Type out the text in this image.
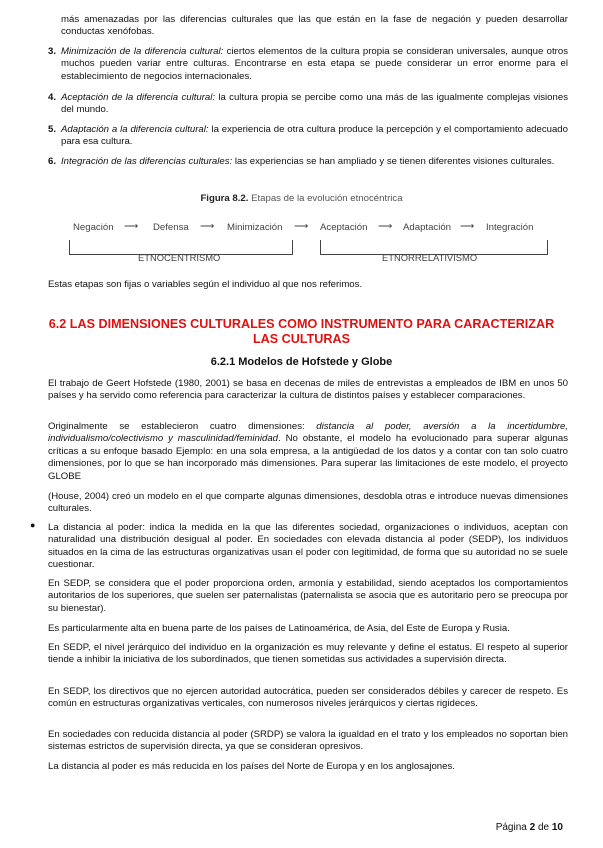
más amenazadas por las diferencias culturales que las que están en la fase de negación y pueden desarrollar conductas xenófobas.

3. Minimización de la diferencia cultural: ciertos elementos de la cultura propia se consideran universales, aunque otros muchos pueden variar entre culturas. Encontrarse en esta etapa se puede considerar un error enorme para el establecimiento de negocios internacionales.
4. Aceptación de la diferencia cultural: la cultura propia se percibe como una más de las igualmente complejas visiones del mundo.
5. Adaptación a la diferencia cultural: la experiencia de otra cultura produce la percepción y el comportamiento adecuado para esa cultura.
6. Integración de las diferencias culturales: las experiencias se han ampliado y se tienen diferentes visiones culturales.
Figura 8.2. Etapas de la evolución etnocéntrica
Negación ⟶ Defensa ⟶ Minimización ⟶ Aceptación ⟶ Adaptación ⟶ Integración
ETNOCENTRISMO	ETNORRELATIVISMO

Estas etapas son fijas o variables según el individuo al que nos referimos.

6.2 LAS DIMENSIONES CULTURALES COMO INSTRUMENTO PARA CARACTERIZAR LAS CULTURAS
6.2.1 Modelos de Hofstede y Globe

El trabajo de Geert Hofstede (1980, 2001) se basa en decenas de miles de entrevistas a empleados de IBM en unos 50 países y ha servido como referencia para caracterizar la cultura de distintos países y establecer comparaciones.

Originalmente se establecieron cuatro dimensiones: distancia al poder, aversión a la incertidumbre, individualismo/colectivismo y masculinidad/feminidad. No obstante, el modelo ha evolucionado para superar algunas críticas a su enfoque basado Ejemplo: en una sola empresa, a la antigüedad de los datos y a contar con tan solo cuatro dimensiones, por lo que se han incorporado más dimensiones. Para superar las limitaciones de este modelo, el proyecto GLOBE

(House, 2004) creó un modelo en el que comparte algunas dimensiones, desdobla otras e introduce nuevas dimensiones culturales.

● La distancia al poder: indica la medida en la que las diferentes sociedad, organizaciones o individuos, aceptan con naturalidad una distribución desigual al poder. En sociedades con elevada distancia al poder (SEDP), los individuos situados en la cima de las estructuras organizativas usan el poder con legitimidad, de forma que su autoridad no se suele cuestionar.

En SEDP, se considera que el poder proporciona orden, armonía y estabilidad, siendo aceptados los comportamientos autoritarios de los superiores, que suelen ser paternalistas (paternalista se asocia que es autoritario pero se preocupa por su bienestar).

Es particularmente alta en buena parte de los países de Latinoamérica, de Asia, del Este de Europa y Rusia.

En SEDP, el nivel jerárquico del individuo en la organización es muy relevante y define el estatus. El respeto al superior tiende a inhibir la iniciativa de los subordinados, que tienen sometidas sus actividades a supervisión directa.

En SEDP, los directivos que no ejercen autoridad autocrática, pueden ser considerados débiles y carecer de respeto. Es común en estructuras organizativas verticales, con numerosos niveles jerárquicos y ciertas rigideces.

En sociedades con reducida distancia al poder (SRDP) se valora la igualdad en el trato y los empleados no soportan bien sistemas estrictos de supervisión directa, ya que se consideran opresivos.

La distancia al poder es más reducida en los países del Norte de Europa y en los anglosajones.

Página 2 de 10
